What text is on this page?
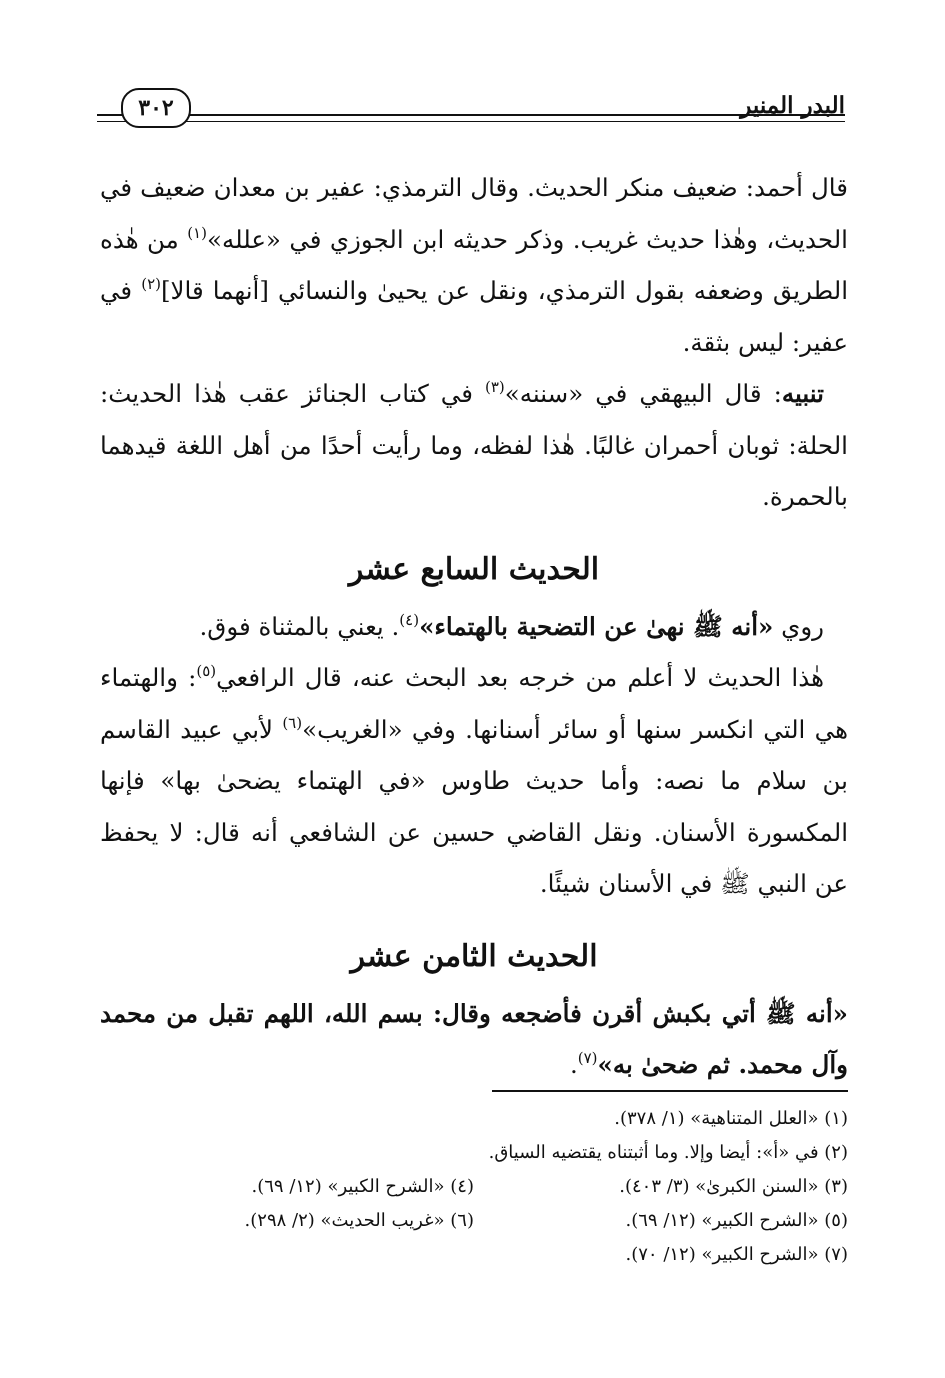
البدر المنير
٣٠٢

قال أحمد: ضعيف منكر الحديث. وقال الترمذي: عفير بن معدان ضعيف في الحديث، وهٰذا حديث غريب. وذكر حديثه ابن الجوزي في «علله»$^{(١)}$ من هٰذه الطريق وضعفه بقول الترمذي، ونقل عن يحيىٰ والنسائي [أنهما قالا]$^{(٢)}$ في عفير: ليس بثقة.

تنبيه: قال البيهقي في «سننه»$^{(٣)}$ في كتاب الجنائز عقب هٰذا الحديث: الحلة: ثوبان أحمران غالبًا. هٰذا لفظه، وما رأيت أحدًا من أهل اللغة قيدهما بالحمرة.

الحديث السابع عشر

روي «أنه ﷺ نهىٰ عن التضحية بالهتماء»$^{(٤)}$. يعني بالمثناة فوق.

هٰذا الحديث لا أعلم من خرجه بعد البحث عنه، قال الرافعي$^{(٥)}$: والهتماء هي التي انكسر سنها أو سائر أسنانها. وفي «الغريب»$^{(٦)}$ لأبي عبيد القاسم بن سلام ما نصه: وأما حديث طاوس «في الهتماء يضحىٰ بها» فإنها المكسورة الأسنان. ونقل القاضي حسين عن الشافعي أنه قال: لا يحفظ عن النبي ﷺ في الأسنان شيئًا.

الحديث الثامن عشر

«أنه ﷺ أتي بكبش أقرن فأضجعه وقال: بسم الله، اللهم تقبل من محمد وآل محمد. ثم ضحىٰ به»$^{(٧)}$.

(١) «العلل المتناهية» (١/ ٣٧٨).
(٢) في «أ»: أيضا وإلا. وما أثبتناه يقتضيه السياق.
(٣) «السنن الكبرىٰ» (٣/ ٤٠٣).
(٤) «الشرح الكبير» (١٢/ ٦٩).
(٥) «الشرح الكبير» (١٢/ ٦٩).
(٦) «غريب الحديث» (٢/ ٢٩٨).
(٧) «الشرح الكبير» (١٢/ ٧٠).
